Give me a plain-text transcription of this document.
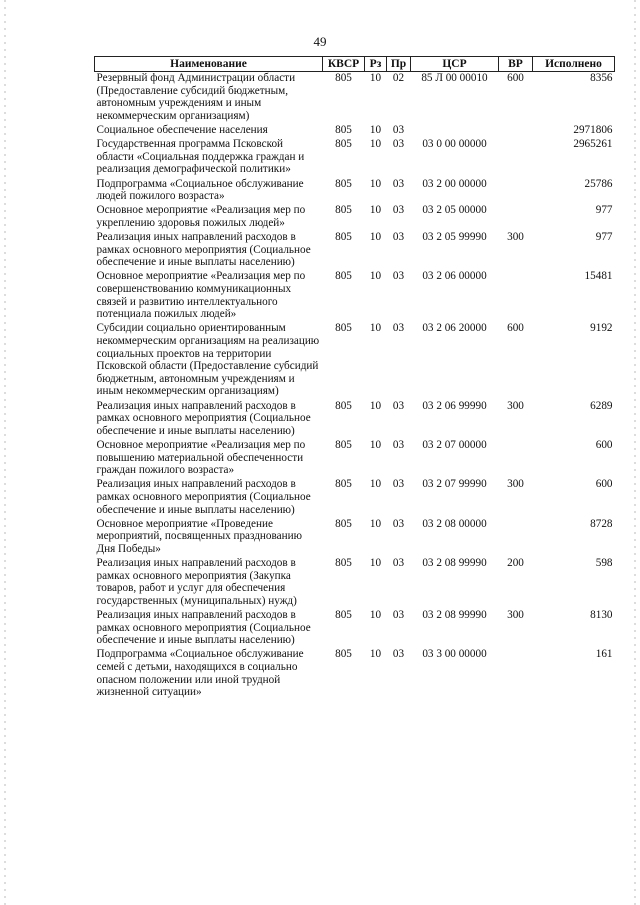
49
Наименование	КВСР	Рз	Пр	ЦСР	ВР	Исполнено
Резервный фонд Администрации области (Предоставление субсидий бюджетным, автономным учреждениям и иным некоммерческим организациям)	805	10	02	85 Л 00 00010	600	8356
Социальное обеспечение населения	805	10	03			2971806
Государственная программа Псковской области «Социальная поддержка граждан и реализация демографической политики»	805	10	03	03 0 00 00000		2965261
Подпрограмма «Социальное обслуживание людей пожилого возраста»	805	10	03	03 2 00 00000		25786
Основное мероприятие «Реализация мер по укреплению здоровья пожилых людей»	805	10	03	03 2 05 00000		977
Реализация иных направлений расходов в рамках основного мероприятия (Социальное обеспечение и иные выплаты населению)	805	10	03	03 2 05 99990	300	977
Основное мероприятие «Реализация мер по совершенствованию коммуникационных связей и развитию интеллектуального потенциала пожилых людей»	805	10	03	03 2 06 00000		15481
Субсидии социально ориентированным некоммерческим организациям на реализацию социальных проектов на территории Псковской области (Предоставление субсидий бюджетным, автономным учреждениям и иным некоммерческим организациям)	805	10	03	03 2 06 20000	600	9192
Реализация иных направлений расходов в рамках основного мероприятия (Социальное обеспечение и иные выплаты населению)	805	10	03	03 2 06 99990	300	6289
Основное мероприятие «Реализация мер по повышению материальной обеспеченности граждан пожилого возраста»	805	10	03	03 2 07 00000		600
Реализация иных направлений расходов в рамках основного мероприятия (Социальное обеспечение и иные выплаты населению)	805	10	03	03 2 07 99990	300	600
Основное мероприятие «Проведение мероприятий, посвященных празднованию Дня Победы»	805	10	03	03 2 08 00000		8728
Реализация иных направлений расходов в рамках основного мероприятия (Закупка товаров, работ и услуг для обеспечения государственных (муниципальных) нужд)	805	10	03	03 2 08 99990	200	598
Реализация иных направлений расходов в рамках основного мероприятия (Социальное обеспечение и иные выплаты населению)	805	10	03	03 2 08 99990	300	8130
Подпрограмма «Социальное обслуживание семей с детьми, находящихся в социально опасном положении или иной трудной жизненной ситуации»	805	10	03	03 3 00 00000		161
